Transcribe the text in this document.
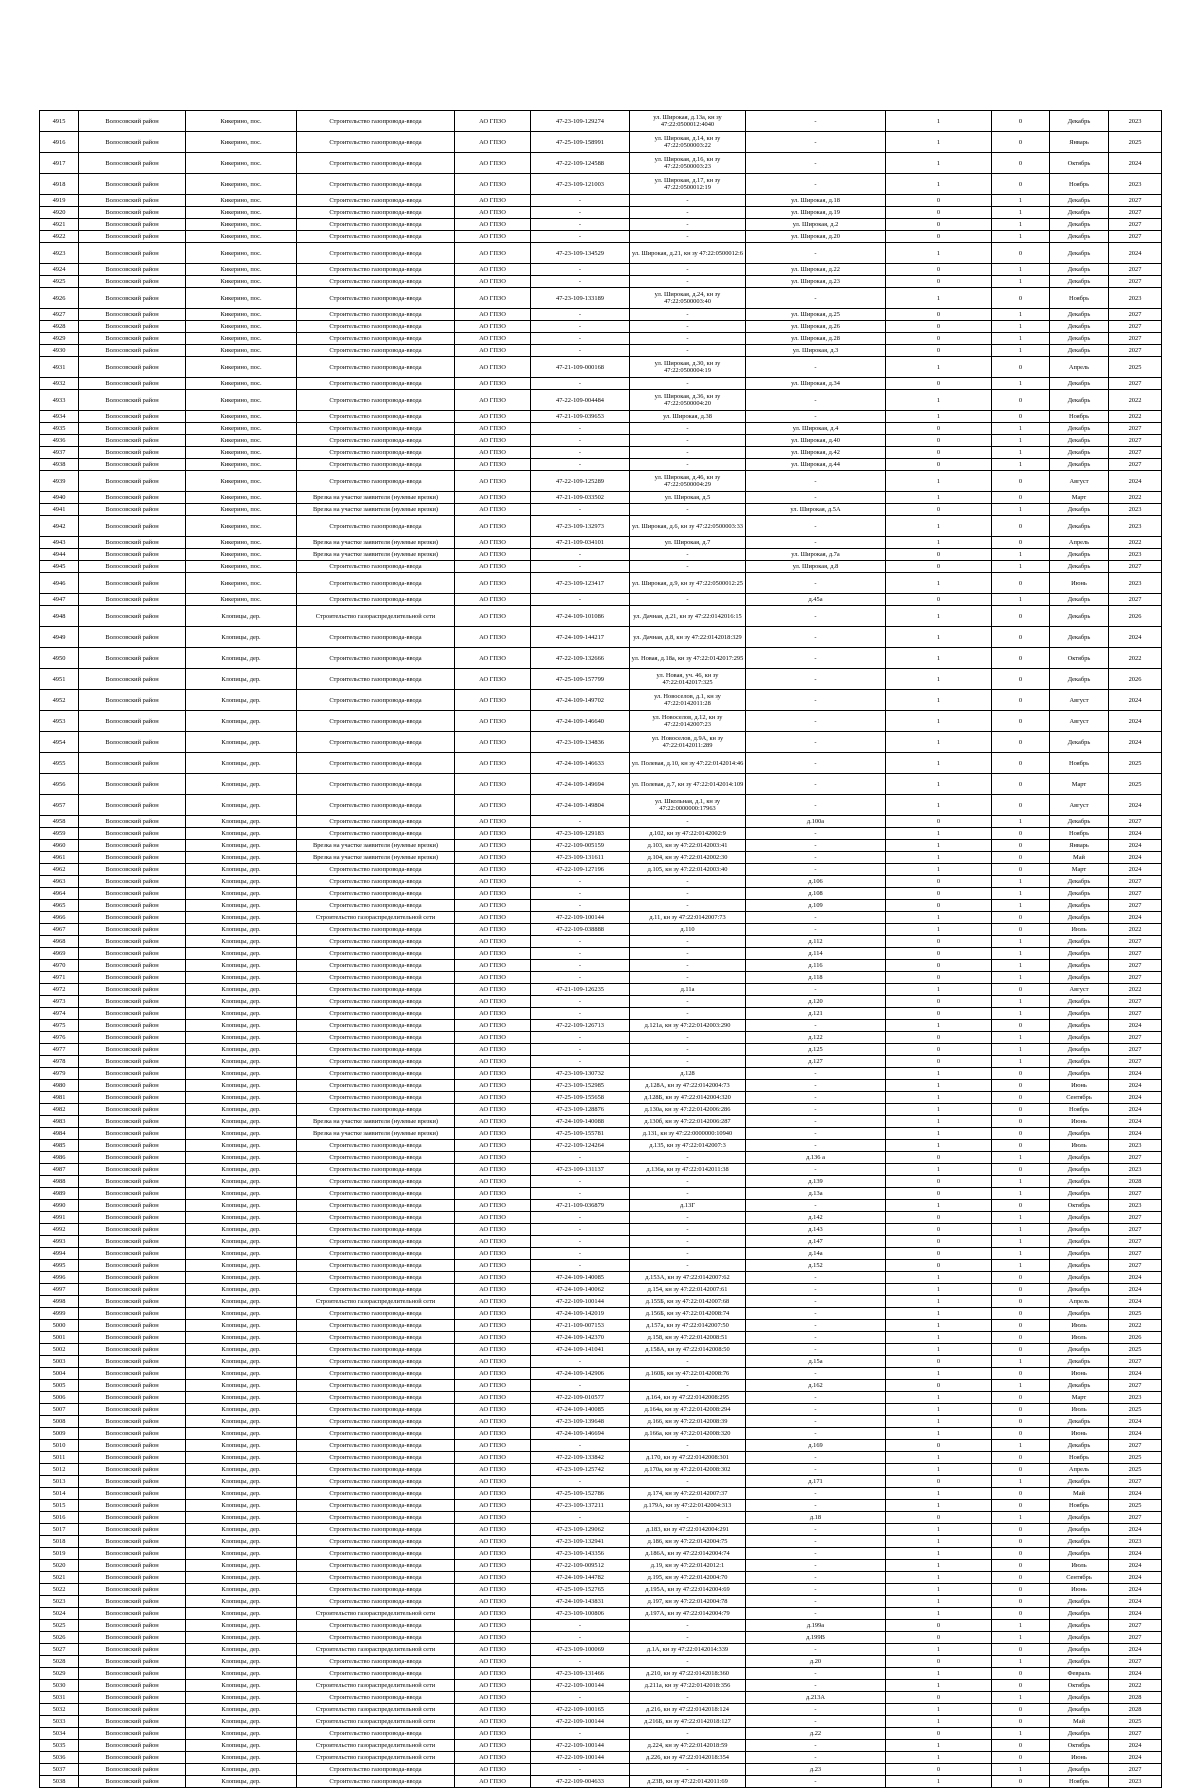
4915	Волосовский район	Кикерино, пос.	Строительство газопровода-ввода	АО ГПЗО	47-23-109-129274	ул. Широкая, д.13а, кн зу 47:22:0500012:4040	-	1	0	Декабрь	2023
4916	Волосовский район	Кикерино, пос.	Строительство газопровода-ввода	АО ГПЗО	47-25-109-158991	ул. Широкая, д.14, кн зу 47:22:0500003:22	-	1	0	Январь	2025
4917	Волосовский район	Кикерино, пос.	Строительство газопровода-ввода	АО ГПЗО	47-22-109-124588	ул. Широкая, д.16, кн зу 47:22:0500003:23	-	1	0	Октябрь	2024
4918	Волосовский район	Кикерино, пос.	Строительство газопровода-ввода	АО ГПЗО	47-23-109-121003	ул. Широкая, д.17, кн зу 47:22:0500012:19	-	1	0	Ноябрь	2023
4919	Волосовский район	Кикерино, пос.	Строительство газопровода-ввода	АО ГПЗО	-	-	ул. Широкая, д.18	0	1	Декабрь	2027
4920	Волосовский район	Кикерино, пос.	Строительство газопровода-ввода	АО ГПЗО	-	-	ул. Широкая, д.19	0	1	Декабрь	2027
4921	Волосовский район	Кикерино, пос.	Строительство газопровода-ввода	АО ГПЗО	-	-	ул. Широкая, д.2	0	1	Декабрь	2027
4922	Волосовский район	Кикерино, пос.	Строительство газопровода-ввода	АО ГПЗО	-	-	ул. Широкая, д.20	0	1	Декабрь	2027
4923	Волосовский район	Кикерино, пос.	Строительство газопровода-ввода	АО ГПЗО	47-23-109-134529	ул. Широкая, д.21, кн зу 47:22:0500012:6	-	1	0	Декабрь	2024
4924	Волосовский район	Кикерино, пос.	Строительство газопровода-ввода	АО ГПЗО	-	-	ул. Широкая, д.22	0	1	Декабрь	2027
4925	Волосовский район	Кикерино, пос.	Строительство газопровода-ввода	АО ГПЗО	-	-	ул. Широкая, д.23	0	1	Декабрь	2027
4926	Волосовский район	Кикерино, пос.	Строительство газопровода-ввода	АО ГПЗО	47-23-109-133189	ул. Широкая, д.24, кн зу 47:22:0500003:40	-	1	0	Ноябрь	2023
4927	Волосовский район	Кикерино, пос.	Строительство газопровода-ввода	АО ГПЗО	-	-	ул. Широкая, д.25	0	1	Декабрь	2027
4928	Волосовский район	Кикерино, пос.	Строительство газопровода-ввода	АО ГПЗО	-	-	ул. Широкая, д.26	0	1	Декабрь	2027
4929	Волосовский район	Кикерино, пос.	Строительство газопровода-ввода	АО ГПЗО	-	-	ул. Широкая, д.28	0	1	Декабрь	2027
4930	Волосовский район	Кикерино, пос.	Строительство газопровода-ввода	АО ГПЗО	-	-	ул. Широкая, д.3	0	1	Декабрь	2027
4931	Волосовский район	Кикерино, пос.	Строительство газопровода-ввода	АО ГПЗО	47-21-109-000168	ул. Широкая, д.30, кн зу 47:22:0500004:19	-	1	0	Апрель	2025
4932	Волосовский район	Кикерино, пос.	Строительство газопровода-ввода	АО ГПЗО	-	-	ул. Широкая, д.34	0	1	Декабрь	2027
4933	Волосовский район	Кикерино, пос.	Строительство газопровода-ввода	АО ГПЗО	47-22-109-004484	ул. Широкая, д.36, кн зу 47:22:0500004:20	-	1	0	Декабрь	2022
4934	Волосовский район	Кикерино, пос.	Строительство газопровода-ввода	АО ГПЗО	47-21-109-039653	ул. Широкая, д.38	-	1	0	Ноябрь	2022
4935	Волосовский район	Кикерино, пос.	Строительство газопровода-ввода	АО ГПЗО	-	-	ул. Широкая, д.4	0	1	Декабрь	2027
4936	Волосовский район	Кикерино, пос.	Строительство газопровода-ввода	АО ГПЗО	-	-	ул. Широкая, д.40	0	1	Декабрь	2027
4937	Волосовский район	Кикерино, пос.	Строительство газопровода-ввода	АО ГПЗО	-	-	ул. Широкая, д.42	0	1	Декабрь	2027
4938	Волосовский район	Кикерино, пос.	Строительство газопровода-ввода	АО ГПЗО	-	-	ул. Широкая, д.44	0	1	Декабрь	2027
4939	Волосовский район	Кикерино, пос.	Строительство газопровода-ввода	АО ГПЗО	47-22-109-125289	ул. Широкая, д.46, кн зу 47:22:0500004:29	-	1	0	Август	2024
4940	Волосовский район	Кикерино, пос.	Врезка на участке заявителя (нулевые врезки)	АО ГПЗО	47-21-109-033502	ул. Широкая, д.5	-	1	0	Март	2022
4941	Волосовский район	Кикерино, пос.	Врезка на участке заявителя (нулевые врезки)	АО ГПЗО	-	-	ул. Широкая, д.5А	0	1	Декабрь	2023
4942	Волосовский район	Кикерино, пос.	Строительство газопровода-ввода	АО ГПЗО	47-23-109-132973	ул. Широкая, д.6, кн зу 47:22:0500003:33	-	1	0	Декабрь	2023
4943	Волосовский район	Кикерино, пос.	Врезка на участке заявителя (нулевые врезки)	АО ГПЗО	47-21-109-034101	ул. Широкая, д.7	-	1	0	Апрель	2022
4944	Волосовский район	Кикерино, пос.	Врезка на участке заявителя (нулевые врезки)	АО ГПЗО	-	-	ул. Широкая, д.7а	0	1	Декабрь	2023
4945	Волосовский район	Кикерино, пос.	Строительство газопровода-ввода	АО ГПЗО	-	-	ул. Широкая, д.8	0	1	Декабрь	2027
4946	Волосовский район	Кикерино, пос.	Строительство газопровода-ввода	АО ГПЗО	47-23-109-123417	ул. Широкая, д.9, кн зу 47:22:0500012:25	-	1	0	Июнь	2023
4947	Волосовский район	Кикерино, пос.	Строительство газопровода-ввода	АО ГПЗО	-	-	д.45а	0	1	Декабрь	2027
4948	Волосовский район	Клопицы, дер.	Строительство газораспределительной сети	АО ГПЗО	47-24-109-101086	ул. Дачная, д.21, кн зу 47:22:0142016:15	-	1	0	Декабрь	2026
4949	Волосовский район	Клопицы, дер.	Строительство газопровода-ввода	АО ГПЗО	47-24-109-144217	ул. Дачная, д.8, кн зу 47:22:0142018:329	-	1	0	Декабрь	2024
4950	Волосовский район	Клопицы, дер.	Строительство газопровода-ввода	АО ГПЗО	47-22-109-132666	ул. Новая, д.18а, кн зу 47:22:0142017:295	-	1	0	Октябрь	2022
4951	Волосовский район	Клопицы, дер.	Строительство газопровода-ввода	АО ГПЗО	47-25-109-157799	ул. Новая, уч. 46, кн зу 47:22:0142017:325	-	1	0	Декабрь	2026
4952	Волосовский район	Клопицы, дер.	Строительство газопровода-ввода	АО ГПЗО	47-24-109-149702	ул. Новоселов, д.1, кн зу 47:22:0142011:28	-	1	0	Август	2024
4953	Волосовский район	Клопицы, дер.	Строительство газопровода-ввода	АО ГПЗО	47-24-109-146640	ул. Новоселов, д.12, кн зу 47:22:0142007:23	-	1	0	Август	2024
4954	Волосовский район	Клопицы, дер.	Строительство газопровода-ввода	АО ГПЗО	47-23-109-134836	ул. Новоселов, д.9А, кн зу 47:22:0142011:289	-	1	0	Декабрь	2024
4955	Волосовский район	Клопицы, дер.	Строительство газопровода-ввода	АО ГПЗО	47-24-109-146633	ул. Полевая, д.10, кн зу 47:22:0142014:46	-	1	0	Ноябрь	2025
4956	Волосовский район	Клопицы, дер.	Строительство газопровода-ввода	АО ГПЗО	47-24-109-149694	ул. Полевая, д.7, кн зу 47:22:0142014:109	-	1	0	Март	2025
4957	Волосовский район	Клопицы, дер.	Строительство газопровода-ввода	АО ГПЗО	47-24-109-149804	ул. Школьная, д.1, кн зу 47:22:0000000:17963	-	1	0	Август	2024
4958	Волосовский район	Клопицы, дер.	Строительство газопровода-ввода	АО ГПЗО	-	-	д.100а	0	1	Декабрь	2027
4959	Волосовский район	Клопицы, дер.	Строительство газопровода-ввода	АО ГПЗО	47-23-109-129183	д.102, кн зу 47:22:0142002:9	-	1	0	Ноябрь	2024
4960	Волосовский район	Клопицы, дер.	Врезка на участке заявителя (нулевые врезки)	АО ГПЗО	47-22-109-005159	д.103, кн зу 47:22:0142003:41	-	1	0	Январь	2024
4961	Волосовский район	Клопицы, дер.	Врезка на участке заявителя (нулевые врезки)	АО ГПЗО	47-23-109-131611	д.104, кн зу 47:22:0142002:30	-	1	0	Май	2024
4962	Волосовский район	Клопицы, дер.	Строительство газопровода-ввода	АО ГПЗО	47-22-109-127196	д.105, кн зу 47:22:0142003:40	-	1	0	Март	2024
4963	Волосовский район	Клопицы, дер.	Строительство газопровода-ввода	АО ГПЗО	-	-	д.106	0	1	Декабрь	2027
4964	Волосовский район	Клопицы, дер.	Строительство газопровода-ввода	АО ГПЗО	-	-	д.108	0	1	Декабрь	2027
4965	Волосовский район	Клопицы, дер.	Строительство газопровода-ввода	АО ГПЗО	-	-	д.109	0	1	Декабрь	2027
4966	Волосовский район	Клопицы, дер.	Строительство газораспределительной сети	АО ГПЗО	47-22-109-100144	д.11, кн зу 47:22:0142007:73	-	1	0	Декабрь	2024
4967	Волосовский район	Клопицы, дер.	Строительство газопровода-ввода	АО ГПЗО	47-22-109-038888	д.110	-	1	0	Июль	2022
4968	Волосовский район	Клопицы, дер.	Строительство газопровода-ввода	АО ГПЗО	-	-	д.112	0	1	Декабрь	2027
4969	Волосовский район	Клопицы, дер.	Строительство газопровода-ввода	АО ГПЗО	-	-	д.114	0	1	Декабрь	2027
4970	Волосовский район	Клопицы, дер.	Строительство газопровода-ввода	АО ГПЗО	-	-	д.116	0	1	Декабрь	2027
4971	Волосовский район	Клопицы, дер.	Строительство газопровода-ввода	АО ГПЗО	-	-	д.118	0	1	Декабрь	2027
4972	Волосовский район	Клопицы, дер.	Строительство газопровода-ввода	АО ГПЗО	47-21-109-126235	д.11а	-	1	0	Август	2022
4973	Волосовский район	Клопицы, дер.	Строительство газопровода-ввода	АО ГПЗО	-	-	д.120	0	1	Декабрь	2027
4974	Волосовский район	Клопицы, дер.	Строительство газопровода-ввода	АО ГПЗО	-	-	д.121	0	1	Декабрь	2027
4975	Волосовский район	Клопицы, дер.	Строительство газопровода-ввода	АО ГПЗО	47-22-109-126713	д.121а, кн зу 47:22:0142003:290	-	1	0	Декабрь	2024
4976	Волосовский район	Клопицы, дер.	Строительство газопровода-ввода	АО ГПЗО	-	-	д.122	0	1	Декабрь	2027
4977	Волосовский район	Клопицы, дер.	Строительство газопровода-ввода	АО ГПЗО	-	-	д.125	0	1	Декабрь	2027
4978	Волосовский район	Клопицы, дер.	Строительство газопровода-ввода	АО ГПЗО	-	-	д.127	0	1	Декабрь	2027
4979	Волосовский район	Клопицы, дер.	Строительство газопровода-ввода	АО ГПЗО	47-23-109-130732	д.128	-	1	0	Декабрь	2024
4980	Волосовский район	Клопицы, дер.	Строительство газопровода-ввода	АО ГПЗО	47-23-109-152985	д.128А, кн зу 47:22:0142004:73	-	1	0	Июнь	2024
4981	Волосовский район	Клопицы, дер.	Строительство газопровода-ввода	АО ГПЗО	47-25-109-155658	д.128Б, кн зу 47:22:0142004:320	-	1	0	Сентябрь	2024
4982	Волосовский район	Клопицы, дер.	Строительство газопровода-ввода	АО ГПЗО	47-23-109-128876	д.130а, кн зу 47:22:0142006:286	-	1	0	Ноябрь	2024
4983	Волосовский район	Клопицы, дер.	Врезка на участке заявителя (нулевые врезки)	АО ГПЗО	47-24-109-140088	д.130б, кн зу 47:22:0142006:287	-	1	0	Июнь	2024
4984	Волосовский район	Клопицы, дер.	Врезка на участке заявителя (нулевые врезки)	АО ГПЗО	47-25-109-155781	д.131, кн зу 47:22:0000000:10940	-	1	0	Декабрь	2024
4985	Волосовский район	Клопицы, дер.	Строительство газопровода-ввода	АО ГПЗО	47-22-109-124264	д.135, кн зу 47:22:0142007:3	-	1	0	Июль	2023
4986	Волосовский район	Клопицы, дер.	Строительство газопровода-ввода	АО ГПЗО	-	-	д.136 а	0	1	Декабрь	2027
4987	Волосовский район	Клопицы, дер.	Строительство газопровода-ввода	АО ГПЗО	47-23-109-131137	д.136а, кн зу 47:22:0142011:38	-	1	0	Декабрь	2023
4988	Волосовский район	Клопицы, дер.	Строительство газопровода-ввода	АО ГПЗО	-	-	д.139	0	1	Декабрь	2028
4989	Волосовский район	Клопицы, дер.	Строительство газопровода-ввода	АО ГПЗО	-	-	д.13а	0	1	Декабрь	2027
4990	Волосовский район	Клопицы, дер.	Строительство газопровода-ввода	АО ГПЗО	47-21-109-036879	д.13Г	-	1	0	Октябрь	2023
4991	Волосовский район	Клопицы, дер.	Строительство газопровода-ввода	АО ГПЗО	-	-	д.142	0	1	Декабрь	2027
4992	Волосовский район	Клопицы, дер.	Строительство газопровода-ввода	АО ГПЗО	-	-	д.143	0	1	Декабрь	2027
4993	Волосовский район	Клопицы, дер.	Строительство газопровода-ввода	АО ГПЗО	-	-	д.147	0	1	Декабрь	2027
4994	Волосовский район	Клопицы, дер.	Строительство газопровода-ввода	АО ГПЗО	-	-	д.14а	0	1	Декабрь	2027
4995	Волосовский район	Клопицы, дер.	Строительство газопровода-ввода	АО ГПЗО	-	-	д.152	0	1	Декабрь	2027
4996	Волосовский район	Клопицы, дер.	Строительство газопровода-ввода	АО ГПЗО	47-24-109-140085	д.153А, кн зу 47:22:0142007:62	-	1	0	Декабрь	2024
4997	Волосовский район	Клопицы, дер.	Строительство газопровода-ввода	АО ГПЗО	47-24-109-140062	д.154, кн зу 47:22:0142007:61	-	1	0	Декабрь	2024
4998	Волосовский район	Клопицы, дер.	Строительство газораспределительной сети	АО ГПЗО	47-22-109-100144	д.155Б, кн зу 47:22:0142007:68	-	1	0	Апрель	2024
4999	Волосовский район	Клопицы, дер.	Строительство газопровода-ввода	АО ГПЗО	47-24-109-142019	д.156Б, кн зу 47:22:0142008:74	-	1	0	Декабрь	2025
5000	Волосовский район	Клопицы, дер.	Строительство газопровода-ввода	АО ГПЗО	47-21-109-007153	д.157а, кн зу 47:22:0142007:50	-	1	0	Июль	2022
5001	Волосовский район	Клопицы, дер.	Строительство газопровода-ввода	АО ГПЗО	47-24-109-142370	д.158, кн зу 47:22:0142008:51	-	1	0	Июль	2026
5002	Волосовский район	Клопицы, дер.	Строительство газопровода-ввода	АО ГПЗО	47-24-109-141041	д.158А, кн зу 47:22:0142008:50	-	1	0	Декабрь	2025
5003	Волосовский район	Клопицы, дер.	Строительство газопровода-ввода	АО ГПЗО	-	-	д.15а	0	1	Декабрь	2027
5004	Волосовский район	Клопицы, дер.	Строительство газопровода-ввода	АО ГПЗО	47-24-109-142906	д.160Б, кн зу 47:22:0142008:76	-	1	0	Июнь	2024
5005	Волосовский район	Клопицы, дер.	Строительство газопровода-ввода	АО ГПЗО	-	-	д.162	0	1	Декабрь	2027
5006	Волосовский район	Клопицы, дер.	Строительство газопровода-ввода	АО ГПЗО	47-22-109-010577	д.164, кн зу 47:22:0142008:295	-	1	0	Март	2023
5007	Волосовский район	Клопицы, дер.	Строительство газопровода-ввода	АО ГПЗО	47-24-109-140085	д.164а, кн зу 47:22:0142008:294	-	1	0	Июль	2025
5008	Волосовский район	Клопицы, дер.	Строительство газопровода-ввода	АО ГПЗО	47-23-109-139648	д.166, кн зу 47:22:0142008:39	-	1	0	Декабрь	2024
5009	Волосовский район	Клопицы, дер.	Строительство газопровода-ввода	АО ГПЗО	47-24-109-146694	д.166а, кн зу 47:22:0142008:320	-	1	0	Июнь	2024
5010	Волосовский район	Клопицы, дер.	Строительство газопровода-ввода	АО ГПЗО	-	-	д.169	0	1	Декабрь	2027
5011	Волосовский район	Клопицы, дер.	Строительство газопровода-ввода	АО ГПЗО	47-22-109-133842	д.170, кн зу 47:22:0142008:301	-	1	0	Ноябрь	2025
5012	Волосовский район	Клопицы, дер.	Строительство газопровода-ввода	АО ГПЗО	47-23-109-125742	д.170а, кн зу 47:22:0142008:302	-	1	0	Апрель	2025
5013	Волосовский район	Клопицы, дер.	Строительство газопровода-ввода	АО ГПЗО	-	-	д.171	0	1	Декабрь	2027
5014	Волосовский район	Клопицы, дер.	Строительство газопровода-ввода	АО ГПЗО	47-25-109-152786	д.174, кн зу 47:22:0142007:37	-	1	0	Май	2024
5015	Волосовский район	Клопицы, дер.	Строительство газопровода-ввода	АО ГПЗО	47-23-109-137211	д.179А, кн зу 47:22:0142004:313	-	1	0	Ноябрь	2025
5016	Волосовский район	Клопицы, дер.	Строительство газопровода-ввода	АО ГПЗО	-	-	д.18	0	1	Декабрь	2027
5017	Волосовский район	Клопицы, дер.	Строительство газопровода-ввода	АО ГПЗО	47-23-109-129062	д.183, кн зу 47:22:0142004:291	-	1	0	Декабрь	2024
5018	Волосовский район	Клопицы, дер.	Строительство газопровода-ввода	АО ГПЗО	47-23-109-132941	д.186, кн зу 47:22:0142004:75	-	1	0	Декабрь	2023
5019	Волосовский район	Клопицы, дер.	Строительство газопровода-ввода	АО ГПЗО	47-23-109-143356	д.186А, кн зу 47:22:0142004:74	-	1	0	Декабрь	2024
5020	Волосовский район	Клопицы, дер.	Строительство газопровода-ввода	АО ГПЗО	47-22-109-009512	д.19, кн зу 47:22:0142012:1	-	1	0	Июль	2024
5021	Волосовский район	Клопицы, дер.	Строительство газопровода-ввода	АО ГПЗО	47-24-109-144782	д.195, кн зу 47:22:0142004:70	-	1	0	Сентябрь	2024
5022	Волосовский район	Клопицы, дер.	Строительство газопровода-ввода	АО ГПЗО	47-25-109-152765	д.195А, кн зу 47:22:0142004:69	-	1	0	Июнь	2024
5023	Волосовский район	Клопицы, дер.	Строительство газопровода-ввода	АО ГПЗО	47-24-109-143831	д.197, кн зу 47:22:0142004:78	-	1	0	Декабрь	2024
5024	Волосовский район	Клопицы, дер.	Строительство газораспределительной сети	АО ГПЗО	47-23-109-100806	д.197А, кн зу 47:22:0142004:79	-	1	0	Декабрь	2024
5025	Волосовский район	Клопицы, дер.	Строительство газопровода-ввода	АО ГПЗО	-	-	д.199а	0	1	Декабрь	2027
5026	Волосовский район	Клопицы, дер.	Строительство газопровода-ввода	АО ГПЗО	-	-	д.199В	0	1	Декабрь	2027
5027	Волосовский район	Клопицы, дер.	Строительство газораспределительной сети	АО ГПЗО	47-23-109-100069	д.1А, кн зу 47:22:0142014:339	-	1	0	Декабрь	2024
5028	Волосовский район	Клопицы, дер.	Строительство газопровода-ввода	АО ГПЗО	-	-	д.20	0	1	Декабрь	2027
5029	Волосовский район	Клопицы, дер.	Строительство газопровода-ввода	АО ГПЗО	47-23-109-131466	д.210, кн зу 47:22:0142018:360	-	1	0	Февраль	2024
5030	Волосовский район	Клопицы, дер.	Строительство газораспределительной сети	АО ГПЗО	47-22-109-100144	д.211а, кн зу 47:22:0142018:356	-	1	0	Октябрь	2022
5031	Волосовский район	Клопицы, дер.	Строительство газопровода-ввода	АО ГПЗО	-	-	д.213А	0	1	Декабрь	2028
5032	Волосовский район	Клопицы, дер.	Строительство газораспределительной сети	АО ГПЗО	47-22-109-100165	д.216, кн зу 47:22:0142018:124	-	1	0	Декабрь	2028
5033	Волосовский район	Клопицы, дер.	Строительство газораспределительной сети	АО ГПЗО	47-22-109-100144	д.216Б, кн зу 47:22:0142018:127	-	1	0	Май	2025
5034	Волосовский район	Клопицы, дер.	Строительство газопровода-ввода	АО ГПЗО	-	-	д.22	0	1	Декабрь	2027
5035	Волосовский район	Клопицы, дер.	Строительство газораспределительной сети	АО ГПЗО	47-22-109-100144	д.224, кн зу 47:22:0142018:59	-	1	0	Октябрь	2024
5036	Волосовский район	Клопицы, дер.	Строительство газораспределительной сети	АО ГПЗО	47-22-109-100144	д.226, кн зу 47:22:0142018:354	-	1	0	Июнь	2024
5037	Волосовский район	Клопицы, дер.	Строительство газопровода-ввода	АО ГПЗО	-	-	д.23	0	1	Декабрь	2027
5038	Волосовский район	Клопицы, дер.	Строительство газопровода-ввода	АО ГПЗО	47-22-109-004633	д.23В, кн зу 47:22:0142011:69	-	1	0	Ноябрь	2023
